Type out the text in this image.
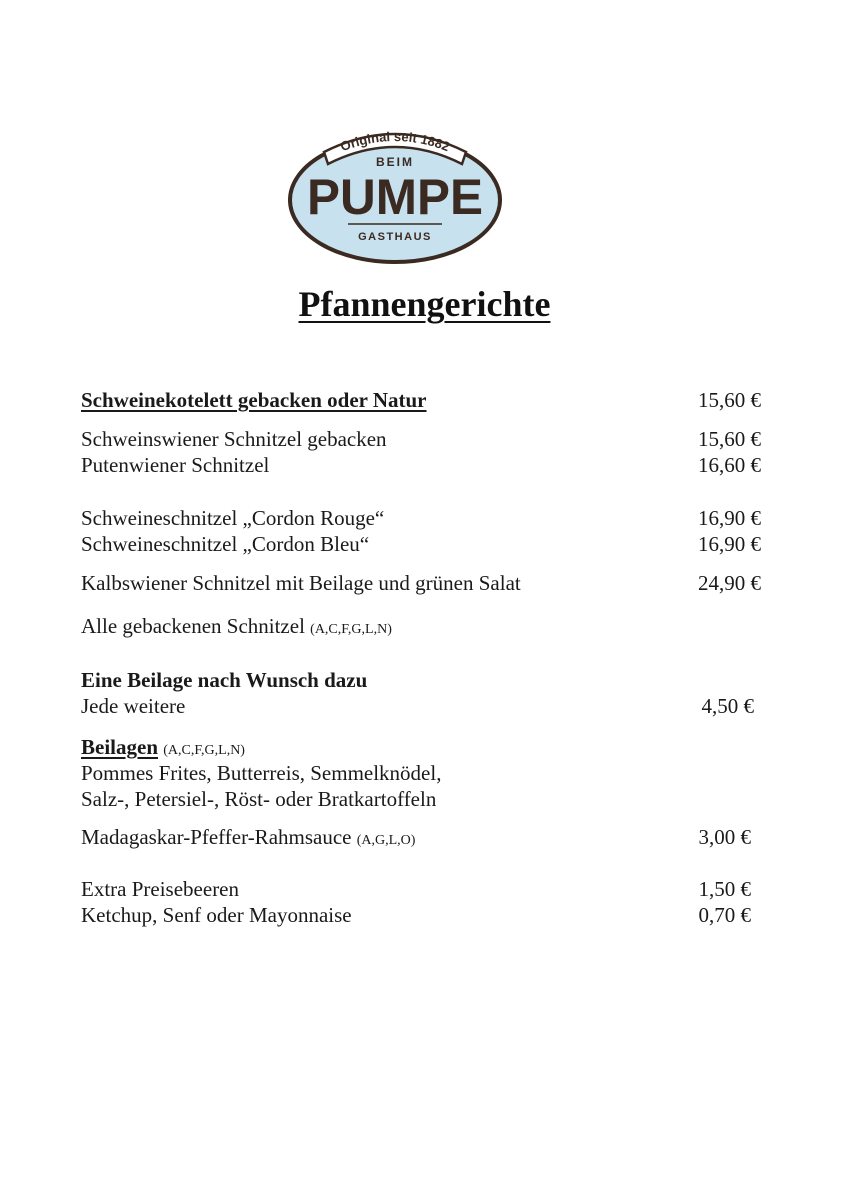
Original seit 1882
BEIM
PUMPE
GASTHAUS
Pfannengerichte
Schweinekotelett gebacken oder Natur	15,60 €
Schweinswiener Schnitzel gebacken	15,60 €
Putenwiener Schnitzel	16,60 €
Schweineschnitzel „Cordon Rouge“	16,90 €
Schweineschnitzel „Cordon Bleu“	16,90 €
Kalbswiener Schnitzel mit Beilage und grünen Salat	24,90 €
Alle gebackenen Schnitzel (A,C,F,G,L,N)
Eine Beilage nach Wunsch dazu
Jede weitere	4,50 €
Beilagen (A,C,F,G,L,N)
Pommes Frites, Butterreis, Semmelknödel,
Salz-, Petersiel-, Röst- oder Bratkartoffeln
Madagaskar-Pfeffer-Rahmsauce (A,G,L,O)	3,00 €
Extra Preisebeeren	1,50 €
Ketchup, Senf oder Mayonnaise	0,70 €
